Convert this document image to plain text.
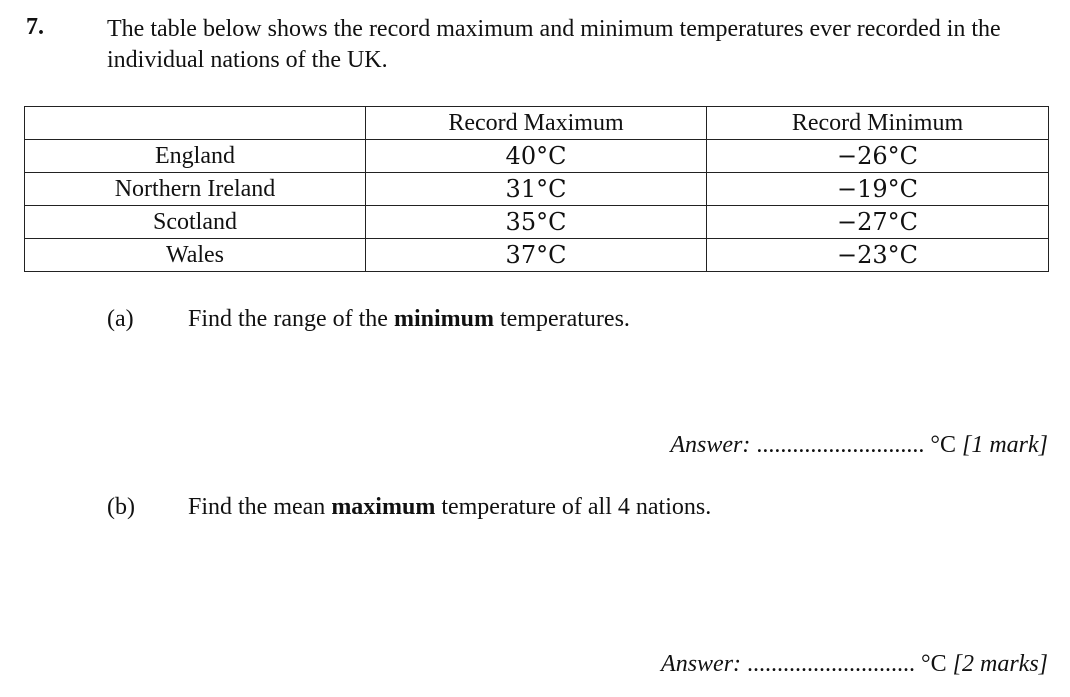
7.	The table below shows the record maximum and minimum temperatures ever recorded in the individual nations of the UK.
	Record Maximum	Record Minimum
England	40°C	−26°C
Northern Ireland	31°C	−19°C
Scotland	35°C	−27°C
Wales	37°C	−23°C
(a) Find the range of the minimum temperatures.
Answer: ............................ °C [1 mark]
(b) Find the mean maximum temperature of all 4 nations.
Answer: ............................ °C [2 marks]
